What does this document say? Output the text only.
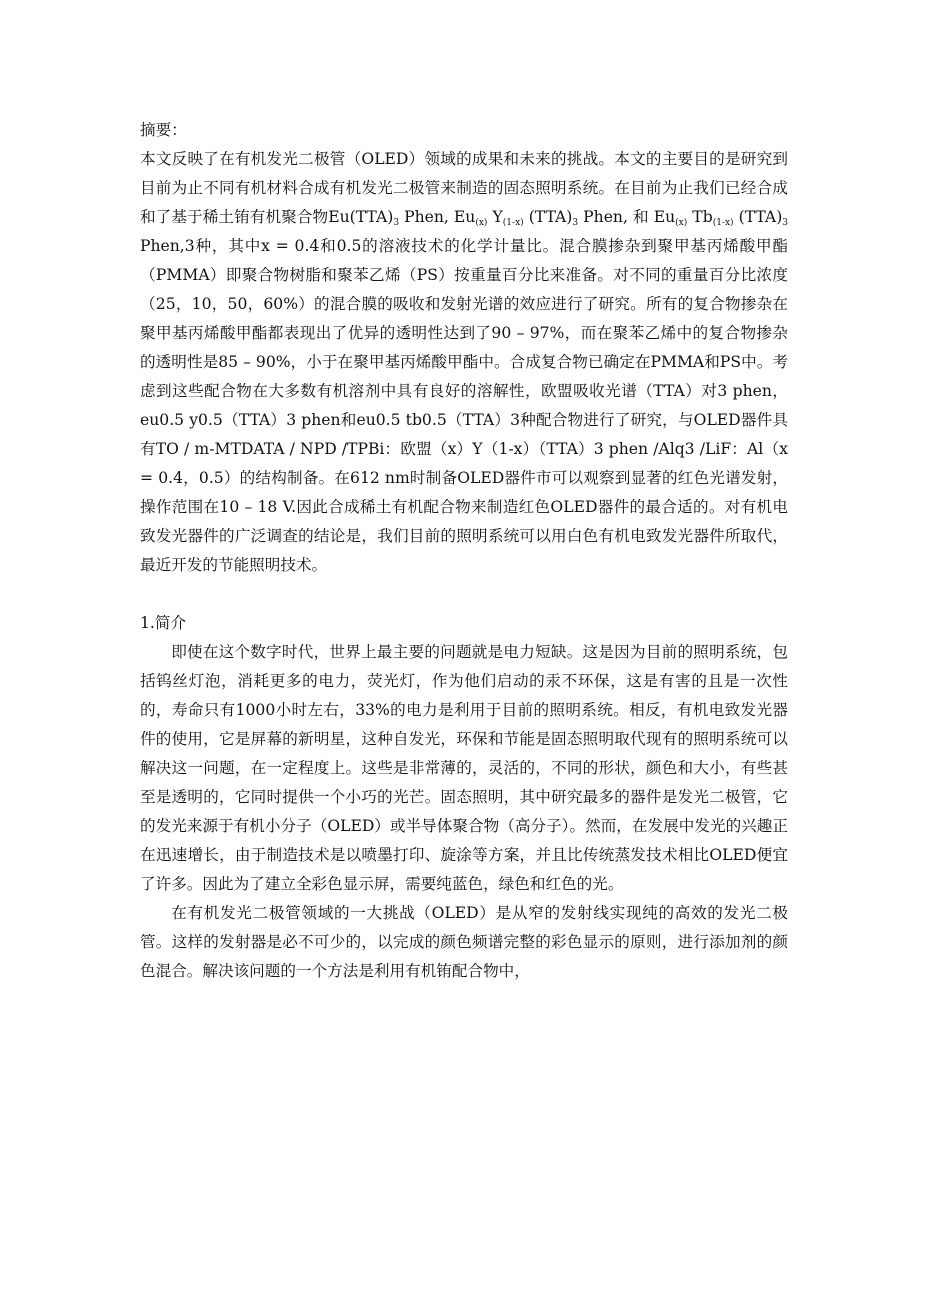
摘要：

本文反映了在有机发光二极管（OLED）领域的成果和未来的挑战。本文的主要目的是研究到目前为止不同有机材料合成有机发光二极管来制造的固态照明系统。在目前为止我们已经合成和了基于稀土铕有机聚合物$Eu(TTA)_3$ Phen, $Eu_{(x)}$ $Y_{(1-x)}$ $(TTA)_3$ Phen, 和 $Eu_{(x)}$ $Tb_{(1-x)}$ $(TTA)_3$ Phen,3种，其中x = 0.4和0.5的溶液技术的化学计量比。混合膜掺杂到聚甲基丙烯酸甲酯（PMMA）即聚合物树脂和聚苯乙烯（PS）按重量百分比来准备。对不同的重量百分比浓度（25，10，50，60%）的混合膜的吸收和发射光谱的效应进行了研究。所有的复合物掺杂在聚甲基丙烯酸甲酯都表现出了优异的透明性达到了90 – 97%，而在聚苯乙烯中的复合物掺杂的透明性是85 – 90%，小于在聚甲基丙烯酸甲酯中。合成复合物已确定在PMMA和PS中。考虑到这些配合物在大多数有机溶剂中具有良好的溶解性，欧盟吸收光谱（TTA）对3 phen，eu0.5 y0.5（TTA）3 phen和eu0.5 tb0.5（TTA）3种配合物进行了研究，与OLED器件具有TO / m-MTDATA / NPD /TPBi：欧盟（x）Y（1-x）（TTA）3 phen /Alq3 /LiF：Al（x = 0.4，0.5）的结构制备。在612 nm时制备OLED器件市可以观察到显著的红色光谱发射，操作范围在10 – 18 V.因此合成稀土有机配合物来制造红色OLED器件的最合适的。对有机电致发光器件的广泛调查的结论是，我们目前的照明系统可以用白色有机电致发光器件所取代，最近开发的节能照明技术。

1.简介

即使在这个数字时代，世界上最主要的问题就是电力短缺。这是因为目前的照明系统，包括钨丝灯泡，消耗更多的电力，荧光灯，作为他们启动的汞不环保，这是有害的且是一次性的，寿命只有1000小时左右，33%的电力是利用于目前的照明系统。相反，有机电致发光器件的使用，它是屏幕的新明星，这种自发光，环保和节能是固态照明取代现有的照明系统可以解决这一问题，在一定程度上。这些是非常薄的，灵活的，不同的形状，颜色和大小，有些甚至是透明的，它同时提供一个小巧的光芒。固态照明，其中研究最多的器件是发光二极管，它的发光来源于有机小分子（OLED）或半导体聚合物（高分子）。然而，在发展中发光的兴趣正在迅速增长，由于制造技术是以喷墨打印、旋涂等方案，并且比传统蒸发技术相比OLED便宜了许多。因此为了建立全彩色显示屏，需要纯蓝色，绿色和红色的光。

在有机发光二极管领域的一大挑战（OLED）是从窄的发射线实现纯的高效的发光二极管。这样的发射器是必不可少的，以完成的颜色频谱完整的彩色显示的原则，进行添加剂的颜色混合。解决该问题的一个方法是利用有机铕配合物中，
